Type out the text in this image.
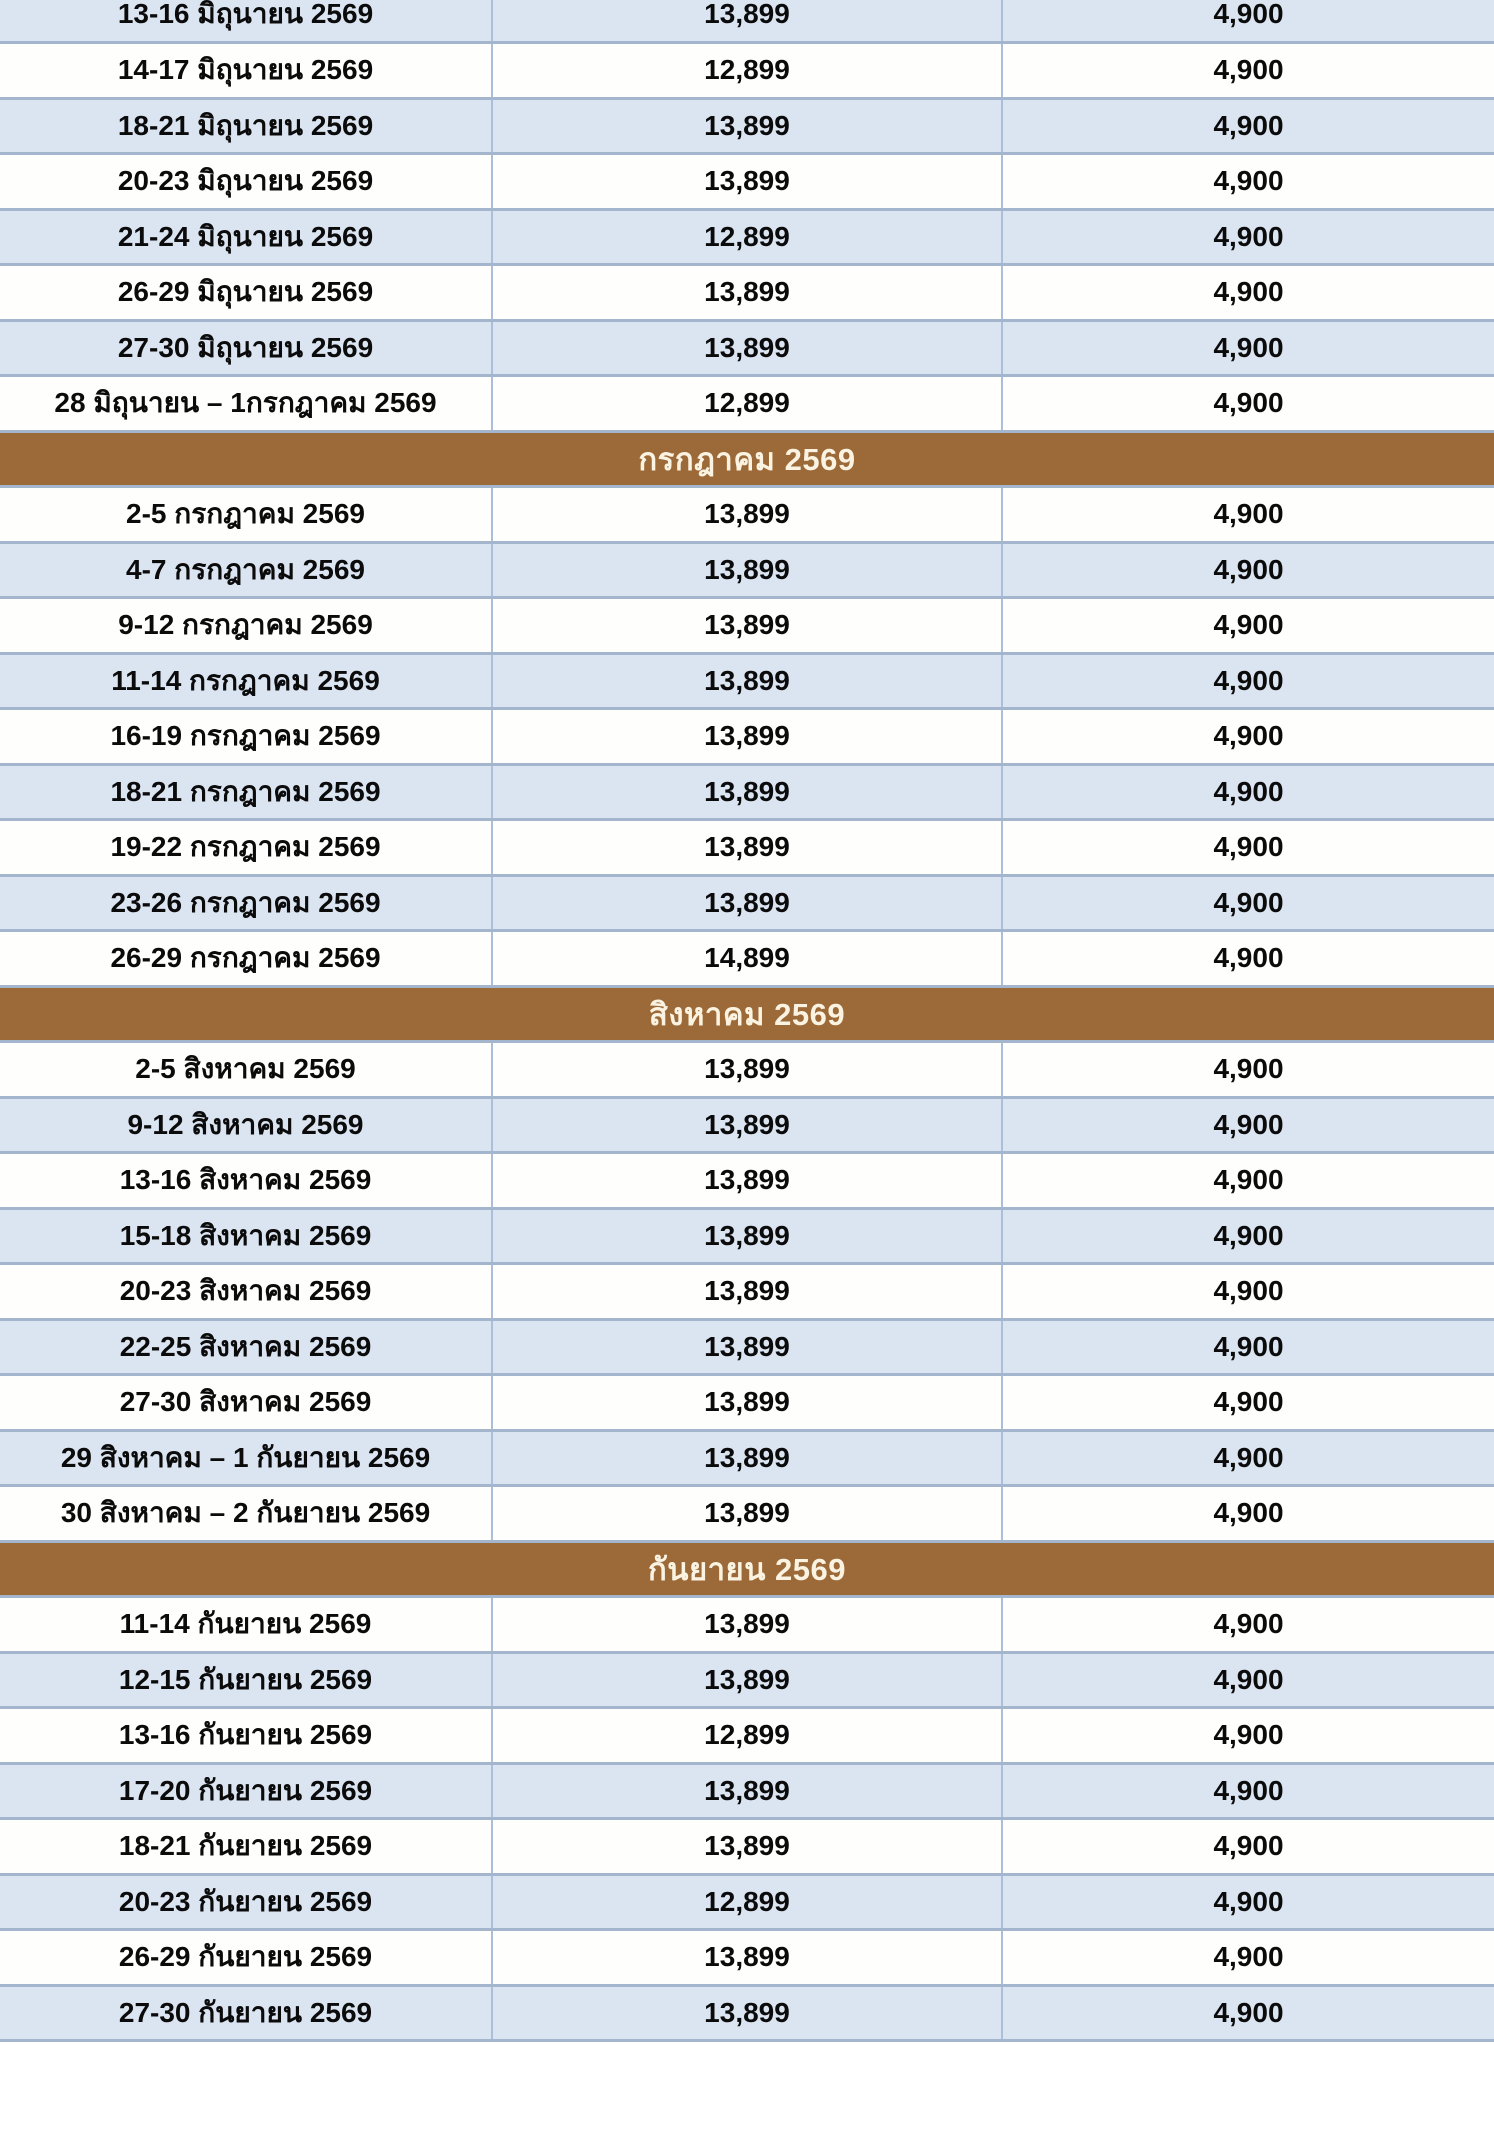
13-16 มิถุนายน 2569	13,899	4,900
14-17 มิถุนายน 2569	12,899	4,900
18-21 มิถุนายน 2569	13,899	4,900
20-23 มิถุนายน 2569	13,899	4,900
21-24 มิถุนายน 2569	12,899	4,900
26-29 มิถุนายน 2569	13,899	4,900
27-30 มิถุนายน 2569	13,899	4,900
28 มิถุนายน – 1กรกฎาคม 2569	12,899	4,900
กรกฎาคม 2569		
2-5 กรกฎาคม 2569	13,899	4,900
4-7 กรกฎาคม 2569	13,899	4,900
9-12 กรกฎาคม 2569	13,899	4,900
11-14 กรกฎาคม 2569	13,899	4,900
16-19 กรกฎาคม 2569	13,899	4,900
18-21 กรกฎาคม 2569	13,899	4,900
19-22 กรกฎาคม 2569	13,899	4,900
23-26 กรกฎาคม 2569	13,899	4,900
26-29 กรกฎาคม 2569	14,899	4,900
สิงหาคม 2569		
2-5 สิงหาคม 2569	13,899	4,900
9-12 สิงหาคม 2569	13,899	4,900
13-16 สิงหาคม 2569	13,899	4,900
15-18 สิงหาคม 2569	13,899	4,900
20-23 สิงหาคม 2569	13,899	4,900
22-25 สิงหาคม 2569	13,899	4,900
27-30 สิงหาคม 2569	13,899	4,900
29 สิงหาคม – 1 กันยายน 2569	13,899	4,900
30 สิงหาคม – 2 กันยายน 2569	13,899	4,900
กันยายน 2569		
11-14 กันยายน 2569	13,899	4,900
12-15 กันยายน 2569	13,899	4,900
13-16 กันยายน 2569	12,899	4,900
17-20 กันยายน 2569	13,899	4,900
18-21 กันยายน 2569	13,899	4,900
20-23 กันยายน 2569	12,899	4,900
26-29 กันยายน 2569	13,899	4,900
27-30 กันยายน 2569	13,899	4,900
